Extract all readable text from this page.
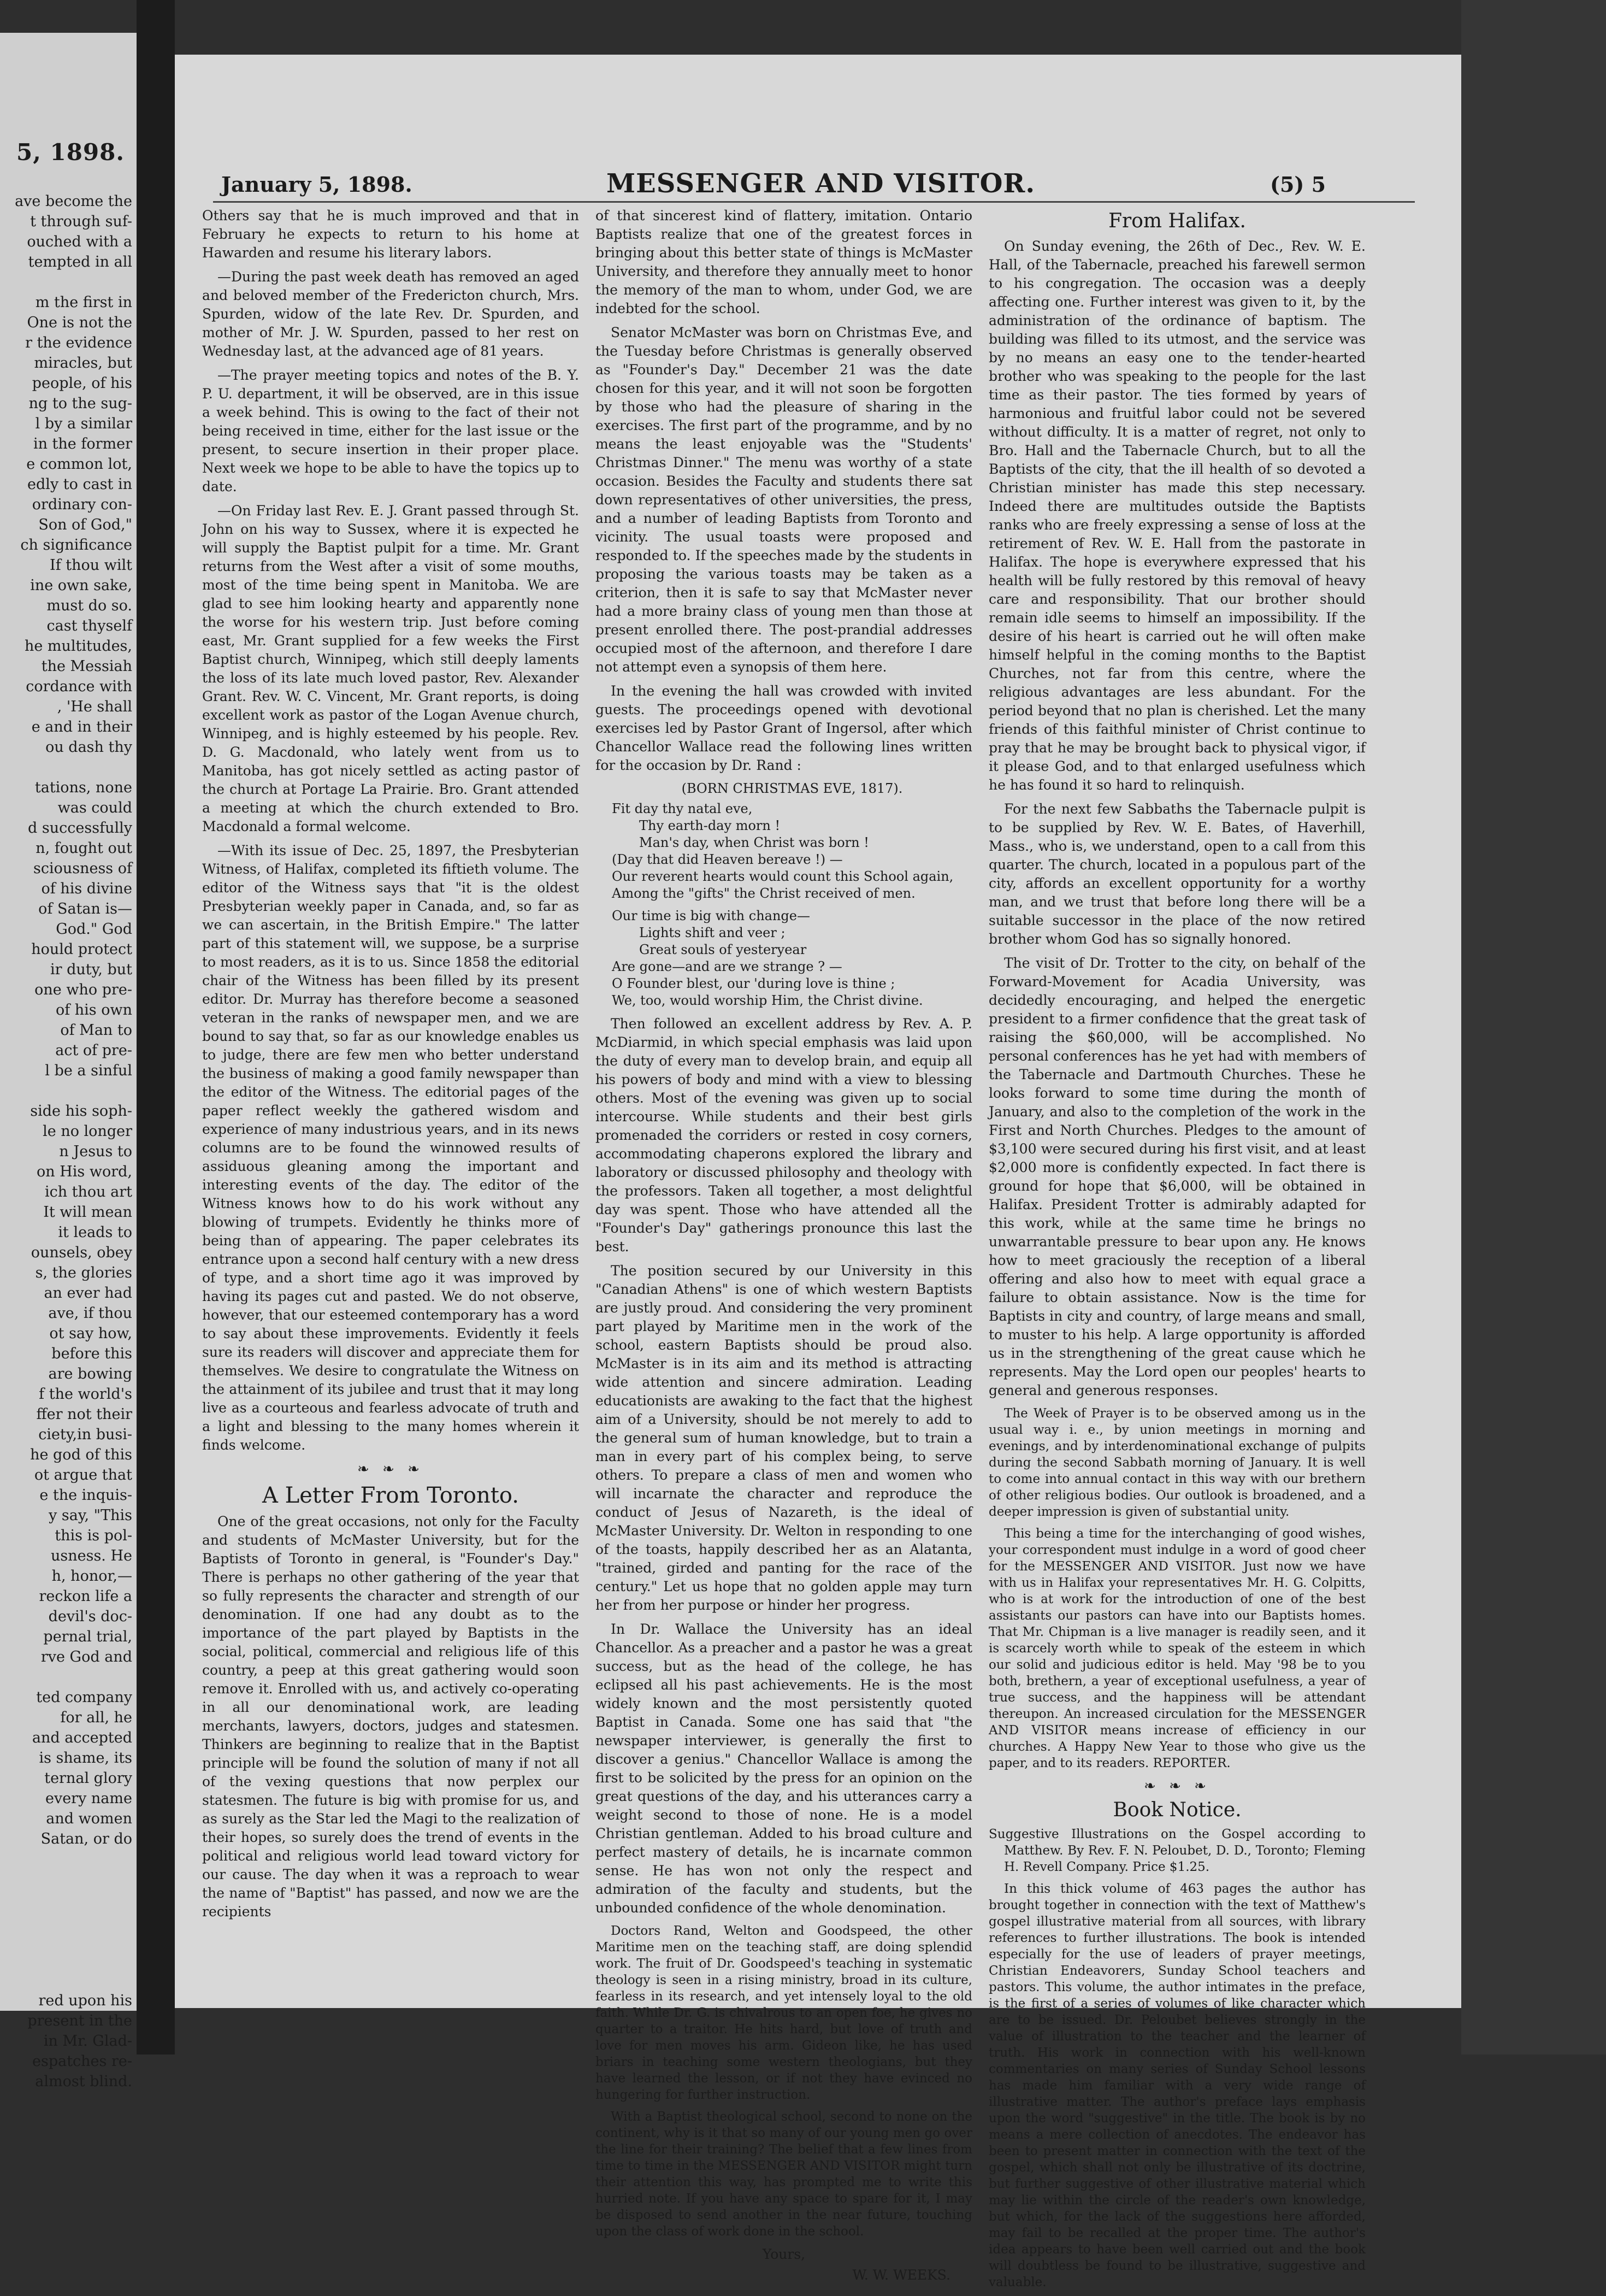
5, 1898.
ave become the
t through suf-
ouched with a
tempted in all
m the first in
One is not the
r the evidence
miracles, but
people, of his
ng to the sug-
l by a similar
in the former
e common lot,
edly to cast in
ordinary con-
Son of God,"
ch significance
If thou wilt
ine own sake,
must do so.
cast thyself
he multitudes,
the Messiah
cordance with
, 'He shall
e and in their
ou dash thy
tations, none
was could
d successfully
n, fought out
sciousness of
of his divine
of Satan is—
God." God
hould protect
ir duty, but
one who pre-
of his own
of Man to
act of pre-
l be a sinful
side his soph-
le no longer
n Jesus to
on His word,
ich thou art
It will mean
it leads to
ounsels, obey
s, the glories
an ever had
ave, if thou
ot say how,
before this
are bowing
f the world's
ffer not their
ciety,in busi-
he god of this
ot argue that
e the inquis-
y say, "This
this is pol-
usness. He
h, honor,—
reckon life a
devil's doc-
pernal trial,
rve God and
ted company
for all, he
and accepted
is shame, its
ternal glory
every name
and women
Satan, or do
red upon his
present in the
in Mr. Glad-
espatches re-
almost blind.
January 5, 1898.	MESSENGER AND VISITOR.	(5) 5

Others say that he is much improved and that in February he expects to return to his home at Hawarden and resume his literary labors.

—During the past week death has removed an aged and beloved member of the Fredericton church, Mrs. Spurden, widow of the late Rev. Dr. Spurden, and mother of Mr. J. W. Spurden, passed to her rest on Wednesday last, at the advanced age of 81 years.

—The prayer meeting topics and notes of the B. Y. P. U. department, it will be observed, are in this issue a week behind. This is owing to the fact of their not being received in time, either for the last issue or the present, to secure insertion in their proper place. Next week we hope to be able to have the topics up to date.

—On Friday last Rev. E. J. Grant passed through St. John on his way to Sussex, where it is expected he will supply the Baptist pulpit for a time. Mr. Grant returns from the West after a visit of some mouths, most of the time being spent in Manitoba. We are glad to see him looking hearty and apparently none the worse for his western trip. Just before coming east, Mr. Grant supplied for a few weeks the First Baptist church, Winnipeg, which still deeply laments the loss of its late much loved pastor, Rev. Alexander Grant. Rev. W. C. Vincent, Mr. Grant reports, is doing excellent work as pastor of the Logan Avenue church, Winnipeg, and is highly esteemed by his people. Rev. D. G. Macdonald, who lately went from us to Manitoba, has got nicely settled as acting pastor of the church at Portage La Prairie. Bro. Grant attended a meeting at which the church extended to Bro. Macdonald a formal welcome.

—With its issue of Dec. 25, 1897, the Presbyterian Witness, of Halifax, completed its fiftieth volume. The editor of the Witness says that "it is the oldest Presbyterian weekly paper in Canada, and, so far as we can ascertain, in the British Empire." The latter part of this statement will, we suppose, be a surprise to most readers, as it is to us. Since 1858 the editorial chair of the Witness has been filled by its present editor. Dr. Murray has therefore become a seasoned veteran in the ranks of newspaper men, and we are bound to say that, so far as our knowledge enables us to judge, there are few men who better understand the business of making a good family newspaper than the editor of the Witness. The editorial pages of the paper reflect weekly the gathered wisdom and experience of many industrious years, and in its news columns are to be found the winnowed results of assiduous gleaning among the important and interesting events of the day. The editor of the Witness knows how to do his work without any blowing of trumpets. Evidently he thinks more of being than of appearing. The paper celebrates its entrance upon a second half century with a new dress of type, and a short time ago it was improved by having its pages cut and pasted. We do not observe, however, that our esteemed contemporary has a word to say about these improvements. Evidently it feels sure its readers will discover and appreciate them for themselves. We desire to congratulate the Witness on the attainment of its jubilee and trust that it may long live as a courteous and fearless advocate of truth and a light and blessing to the many homes wherein it finds welcome.

❧ ❧ ❧
A Letter From Toronto.

One of the great occasions, not only for the Faculty and students of McMaster University, but for the Baptists of Toronto in general, is "Founder's Day." There is perhaps no other gathering of the year that so fully represents the character and strength of our denomination. If one had any doubt as to the importance of the part played by Baptists in the social, political, commercial and religious life of this country, a peep at this great gathering would soon remove it. Enrolled with us, and actively co-operating in all our denominational work, are leading merchants, lawyers, doctors, judges and statesmen. Thinkers are beginning to realize that in the Baptist principle will be found the solution of many if not all of the vexing questions that now perplex our statesmen. The future is big with promise for us, and as surely as the Star led the Magi to the realization of their hopes, so surely does the trend of events in the political and religious world lead toward victory for our cause. The day when it was a reproach to wear the name of "Baptist" has passed, and now we are the recipients

of that sincerest kind of flattery, imitation. Ontario Baptists realize that one of the greatest forces in bringing about this better state of things is McMaster University, and therefore they annually meet to honor the memory of the man to whom, under God, we are indebted for the school.

Senator McMaster was born on Christmas Eve, and the Tuesday before Christmas is generally observed as "Founder's Day." December 21 was the date chosen for this year, and it will not soon be forgotten by those who had the pleasure of sharing in the exercises. The first part of the programme, and by no means the least enjoyable was the "Students' Christmas Dinner." The menu was worthy of a state occasion. Besides the Faculty and students there sat down representatives of other universities, the press, and a number of leading Baptists from Toronto and vicinity. The usual toasts were proposed and responded to. If the speeches made by the students in proposing the various toasts may be taken as a criterion, then it is safe to say that McMaster never had a more brainy class of young men than those at present enrolled there. The post-prandial addresses occupied most of the afternoon, and therefore I dare not attempt even a synopsis of them here.

In the evening the hall was crowded with invited guests. The proceedings opened with devotional exercises led by Pastor Grant of Ingersol, after which Chancellor Wallace read the following lines written for the occasion by Dr. Rand :

(BORN CHRISTMAS EVE, 1817).
Fit day thy natal eve,
Thy earth-day morn !
Man's day, when Christ was born !
(Day that did Heaven bereave !) —
Our reverent hearts would count this School again,
Among the "gifts" the Christ received of men.
Our time is big with change—
Lights shift and veer ;
Great souls of yesteryear
Are gone—and are we strange ? —
O Founder blest, our 'during love is thine ;
We, too, would worship Him, the Christ divine.

Then followed an excellent address by Rev. A. P. McDiarmid, in which special emphasis was laid upon the duty of every man to develop brain, and equip all his powers of body and mind with a view to blessing others. Most of the evening was given up to social intercourse. While students and their best girls promenaded the corriders or rested in cosy corners, accommodating chaperons explored the library and laboratory or discussed philosophy and theology with the professors. Taken all together, a most delightful day was spent. Those who have attended all the "Founder's Day" gatherings pronounce this last the best.

The position secured by our University in this "Canadian Athens" is one of which western Baptists are justly proud. And considering the very prominent part played by Maritime men in the work of the school, eastern Baptists should be proud also. McMaster is in its aim and its method is attracting wide attention and sincere admiration. Leading educationists are awaking to the fact that the highest aim of a University, should be not merely to add to the general sum of human knowledge, but to train a man in every part of his complex being, to serve others. To prepare a class of men and women who will incarnate the character and reproduce the conduct of Jesus of Nazareth, is the ideal of McMaster University. Dr. Welton in responding to one of the toasts, happily described her as an Alatanta, "trained, girded and panting for the race of the century." Let us hope that no golden apple may turn her from her purpose or hinder her progress.

In Dr. Wallace the University has an ideal Chancellor. As a preacher and a pastor he was a great success, but as the head of the college, he has eclipsed all his past achievements. He is the most widely known and the most persistently quoted Baptist in Canada. Some one has said that "the newspaper interviewer, is generally the first to discover a genius." Chancellor Wallace is among the first to be solicited by the press for an opinion on the great questions of the day, and his utterances carry a weight second to those of none. He is a model Christian gentleman. Added to his broad culture and perfect mastery of details, he is incarnate common sense. He has won not only the respect and admiration of the faculty and students, but the unbounded confidence of the whole denomination.

Doctors Rand, Welton and Goodspeed, the other Maritime men on the teaching staff, are doing splendid work. The fruit of Dr. Goodspeed's teaching in systematic theology is seen in a rising ministry, broad in its culture, fearless in its research, and yet intensely loyal to the old faith. While Dr. G. is chivalrous to an open foe, he gives no quarter to a traitor. He hits hard, but love of truth and love for men moves his arm. Gideon like, he has used briars in teaching some western theologians, but they have learned the lesson, or if not they have evinced no hungering for further instruction.

With a Baptist theological school, second to none on the continent, why is it that so many of our young men go over the line for their training? The belief that a few lines from time to time in the MESSENGER AND VISITOR might turn their attention this way, has prompted me to write this hurried note. If you have any space to spare for it, I may be disposed to send another in the near future, touching upon the class of work done in the school.

Yours,
W. W. WEEKS.
From Halifax.

On Sunday evening, the 26th of Dec., Rev. W. E. Hall, of the Tabernacle, preached his farewell sermon to his congregation. The occasion was a deeply affecting one. Further interest was given to it, by the administration of the ordinance of baptism. The building was filled to its utmost, and the service was by no means an easy one to the tender-hearted brother who was speaking to the people for the last time as their pastor. The ties formed by years of harmonious and fruitful labor could not be severed without difficulty. It is a matter of regret, not only to Bro. Hall and the Tabernacle Church, but to all the Baptists of the city, that the ill health of so devoted a Christian minister has made this step necessary. Indeed there are multitudes outside the Baptists ranks who are freely expressing a sense of loss at the retirement of Rev. W. E. Hall from the pastorate in Halifax. The hope is everywhere expressed that his health will be fully restored by this removal of heavy care and responsibility. That our brother should remain idle seems to himself an impossibility. If the desire of his heart is carried out he will often make himself helpful in the coming months to the Baptist Churches, not far from this centre, where the religious advantages are less abundant. For the period beyond that no plan is cherished. Let the many friends of this faithful minister of Christ continue to pray that he may be brought back to physical vigor, if it please God, and to that enlarged usefulness which he has found it so hard to relinquish.

For the next few Sabbaths the Tabernacle pulpit is to be supplied by Rev. W. E. Bates, of Haverhill, Mass., who is, we understand, open to a call from this quarter. The church, located in a populous part of the city, affords an excellent opportunity for a worthy man, and we trust that before long there will be a suitable successor in the place of the now retired brother whom God has so signally honored.

The visit of Dr. Trotter to the city, on behalf of the Forward-Movement for Acadia University, was decidedly encouraging, and helped the energetic president to a firmer confidence that the great task of raising the $60,000, will be accomplished. No personal conferences has he yet had with members of the Tabernacle and Dartmouth Churches. These he looks forward to some time during the month of January, and also to the completion of the work in the First and North Churches. Pledges to the amount of $3,100 were secured during his first visit, and at least $2,000 more is confidently expected. In fact there is ground for hope that $6,000, will be obtained in Halifax. President Trotter is admirably adapted for this work, while at the same time he brings no unwarrantable pressure to bear upon any. He knows how to meet graciously the reception of a liberal offering and also how to meet with equal grace a failure to obtain assistance. Now is the time for Baptists in city and country, of large means and small, to muster to his help. A large opportunity is afforded us in the strengthening of the great cause which he represents. May the Lord open our peoples' hearts to general and generous responses.

The Week of Prayer is to be observed among us in the usual way i. e., by union meetings in morning and evenings, and by interdenominational exchange of pulpits during the second Sabbath morning of January. It is well to come into annual contact in this way with our brethern of other religious bodies. Our outlook is broadened, and a deeper impression is given of substantial unity.

This being a time for the interchanging of good wishes, your correspondent must indulge in a word of good cheer for the MESSENGER AND VISITOR. Just now we have with us in Halifax your representatives Mr. H. G. Colpitts, who is at work for the introduction of one of the best assistants our pastors can have into our Baptists homes. That Mr. Chipman is a live manager is readily seen, and it is scarcely worth while to speak of the esteem in which our solid and judicious editor is held. May '98 be to you both, brethern, a year of exceptional usefulness, a year of true success, and the happiness will be attendant thereupon. An increased circulation for the MESSENGER AND VISITOR means increase of efficiency in our churches. A Happy New Year to those who give us the paper, and to its readers. REPORTER.

❧ ❧ ❧
Book Notice.

Suggestive Illustrations on the Gospel according to Matthew. By Rev. F. N. Peloubet, D. D., Toronto; Fleming H. Revell Company. Price $1.25.

In this thick volume of 463 pages the author has brought together in connection with the text of Matthew's gospel illustrative material from all sources, with library references to further illustrations. The book is intended especially for the use of leaders of prayer meetings, Christian Endeavorers, Sunday School teachers and pastors. This volume, the author intimates in the preface, is the first of a series of volumes of like character which are to be issued. Dr. Peloubet believes strongly in the value of illustration to the teacher and the learner of truth. His work in connection with his well-known commentaries on many series of Sunday School lessons has made him familiar with a very wide range of illustrative matter. The author's preface lays emphasis upon the word "suggestive" in the title. The book is by no means a mere collection of anecdotes. The endeavor has been to present matter in connection with the text of the gospel, which shall not only be illustrative of its doctrine, but further suggestive of other illustrative material which may lie within the circle of the reader's own knowledge, but which, for the lack of the suggestions here afforded, may fail to be recalled at the proper time. The author's idea appears to have been well carried out and the book will doubtless be found to be illustrative, suggestive and valuable.
